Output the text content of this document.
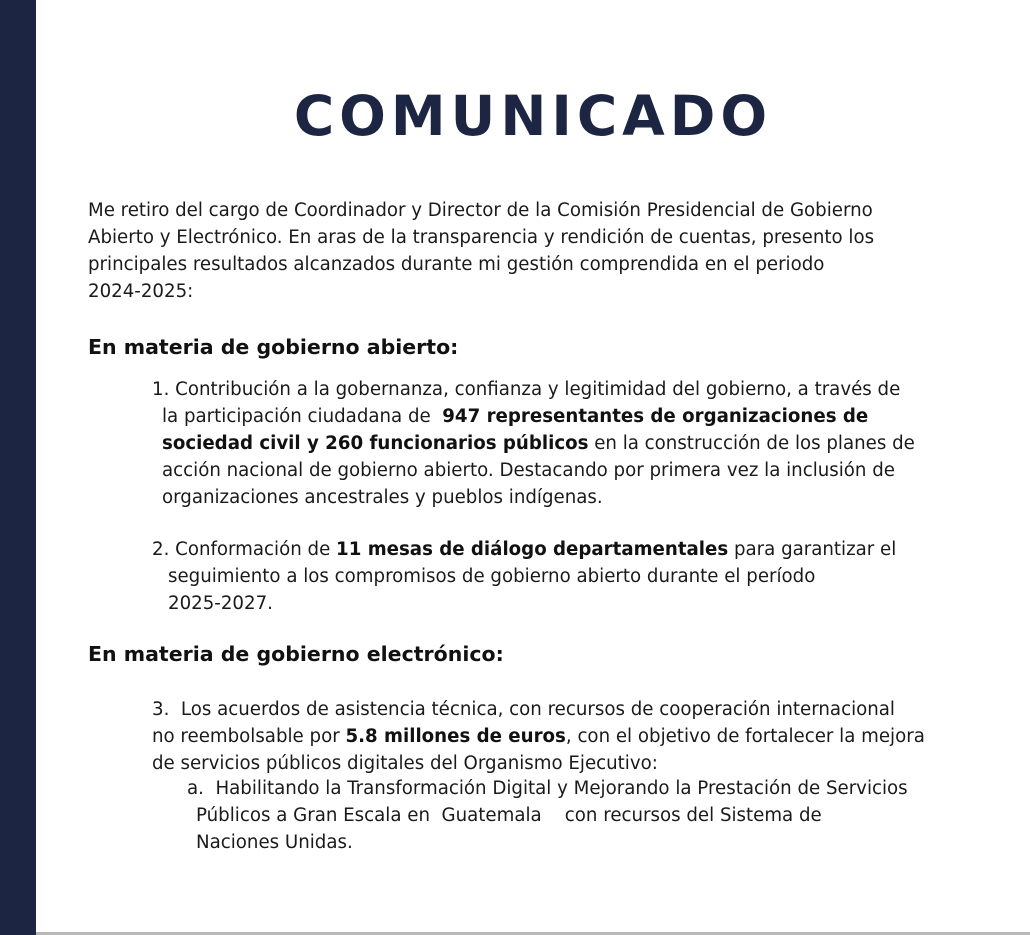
COMUNICADO
Me retiro del cargo de Coordinador y Director de la Comisión Presidencial de Gobierno
Abierto y Electrónico. En aras de la transparencia y rendición de cuentas, presento los
principales resultados alcanzados durante mi gestión comprendida en el periodo
2024-2025:
En materia de gobierno abierto:
1. Contribución a la gobernanza, confianza y legitimidad del gobierno, a través de
la participación ciudadana de  947 representantes de organizaciones de
sociedad civil y 260 funcionarios públicos en la construcción de los planes de
acción nacional de gobierno abierto. Destacando por primera vez la inclusión de
organizaciones ancestrales y pueblos indígenas.
2. Conformación de 11 mesas de diálogo departamentales para garantizar el
seguimiento a los compromisos de gobierno abierto durante el período
2025-2027.
En materia de gobierno electrónico:
3.  Los acuerdos de asistencia técnica, con recursos de cooperación internacional
no reembolsable por 5.8 millones de euros, con el objetivo de fortalecer la mejora
de servicios públicos digitales del Organismo Ejecutivo:
a.  Habilitando la Transformación Digital y Mejorando la Prestación de Servicios
Públicos a Gran Escala en  Guatemala    con recursos del Sistema de
Naciones Unidas.
